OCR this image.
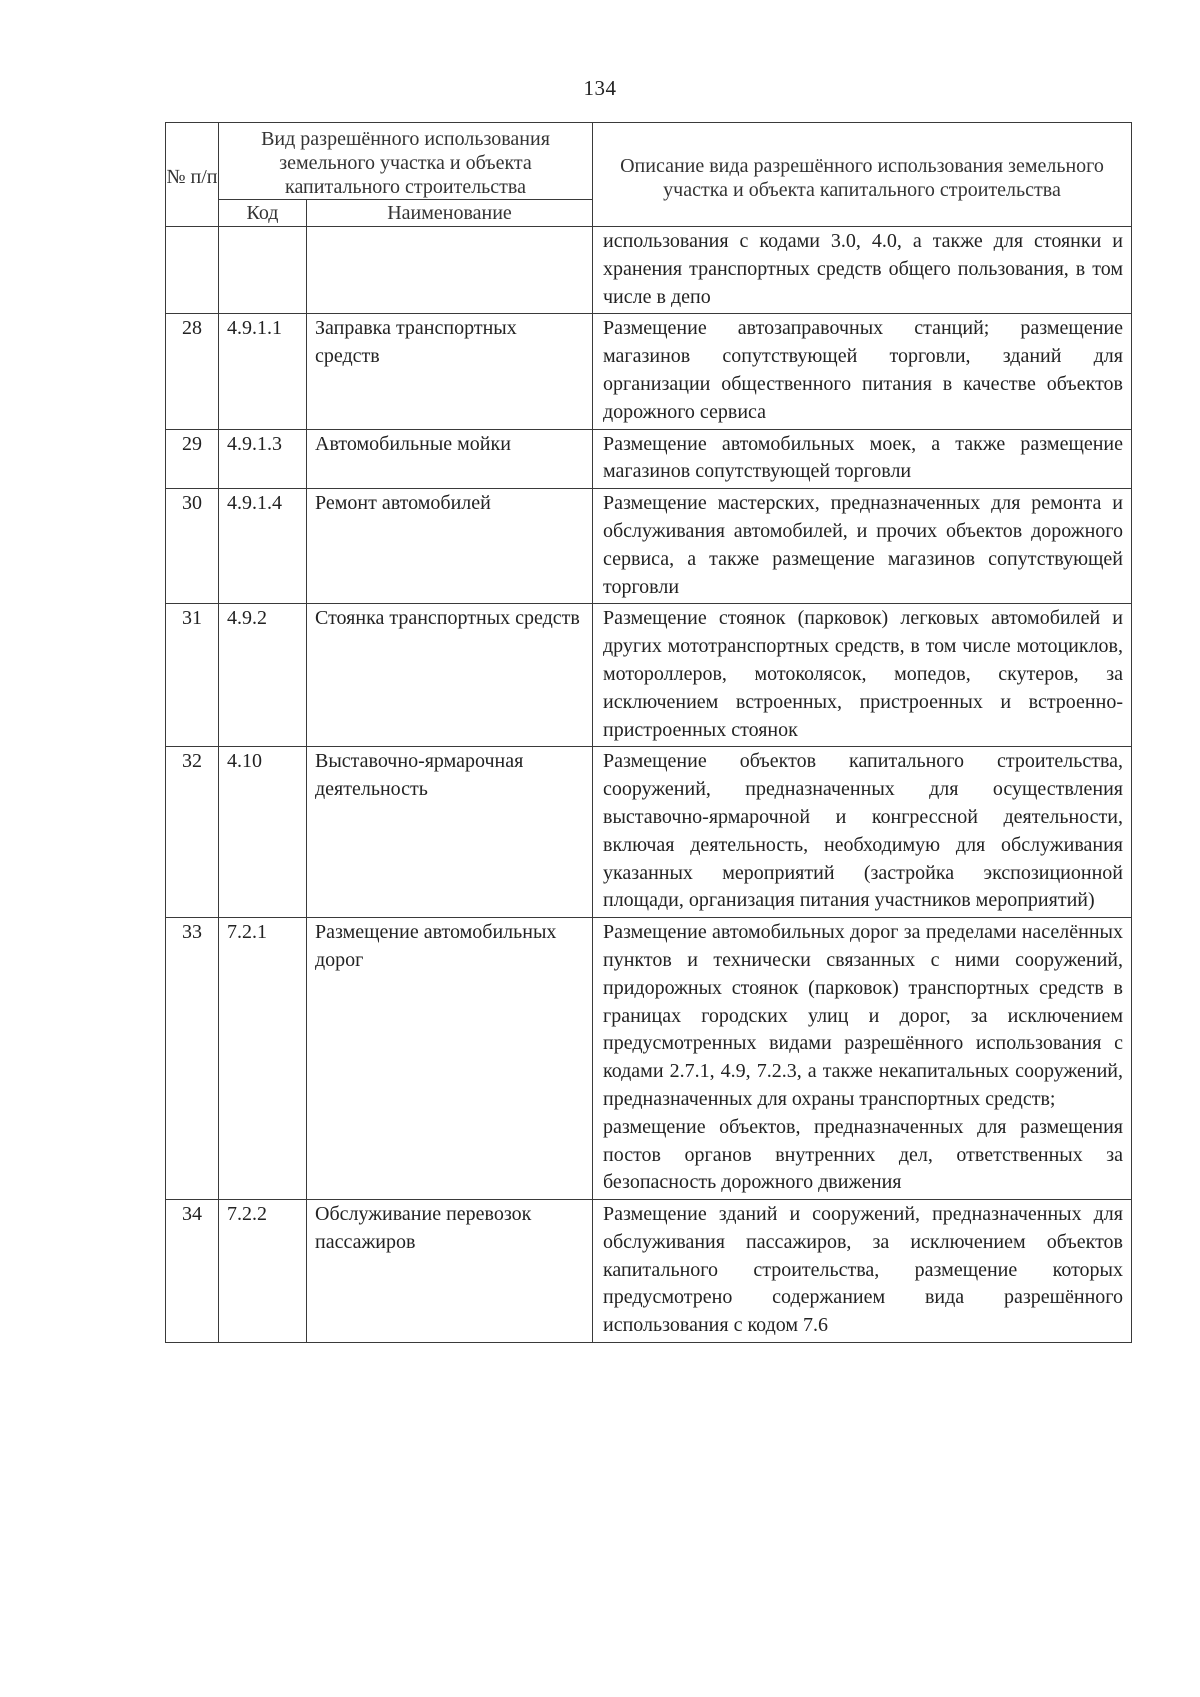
134
№ п/п	Вид разрешённого использования земельного участка и объекта капитального строительства		Описание вида разрешённого использования земельного участка и объекта капитального строительства
	Код	Наименование	

			использования с кодами 3.0, 4.0, а также для стоянки и хранения транспортных средств общего пользования, в том числе в депо

28	4.9.1.1	Заправка транспортных средств	Размещение автозаправочных станций; размещение магазинов сопутствующей торговли, зданий для организации общественного питания в качестве объектов дорожного сервиса

29	4.9.1.3	Автомобильные мойки	Размещение автомобильных моек, а также размещение магазинов сопутствующей торговли

30	4.9.1.4	Ремонт автомобилей	Размещение мастерских, предназначенных для ремонта и обслуживания автомобилей, и прочих объектов дорожного сервиса, а также размещение магазинов сопутствующей торговли

31	4.9.2	Стоянка транспортных средств	Размещение стоянок (парковок) легковых автомобилей и других мототранспортных средств, в том числе мотоциклов, мотороллеров, мотоколясок, мопедов, скутеров, за исключением встроенных, пристроенных и встроенно-пристроенных стоянок

32	4.10	Выставочно-ярмарочная деятельность	Размещение объектов капитального строительства, сооружений, предназначенных для осуществления выставочно-ярмарочной и конгрессной деятельности, включая деятельность, необходимую для обслуживания указанных мероприятий (застройка экспозиционной площади, организация питания участников мероприятий)

33	7.2.1	Размещение автомобильных дорог	Размещение автомобильных дорог за пределами населённых пунктов и технически связанных с ними сооружений, придорожных стоянок (парковок) транспортных средств в границах городских улиц и дорог, за исключением предусмотренных видами разрешённого использования с кодами 2.7.1, 4.9, 7.2.3, а также некапитальных сооружений, предназначенных для охраны транспортных средств;
размещение объектов, предназначенных для размещения постов органов внутренних дел, ответственных за безопасность дорожного движения

34	7.2.2	Обслуживание перевозок пассажиров	Размещение зданий и сооружений, предназначенных для обслуживания пассажиров, за исключением объектов капитального строительства, размещение которых предусмотрено содержанием вида разрешённого использования с кодом 7.6
